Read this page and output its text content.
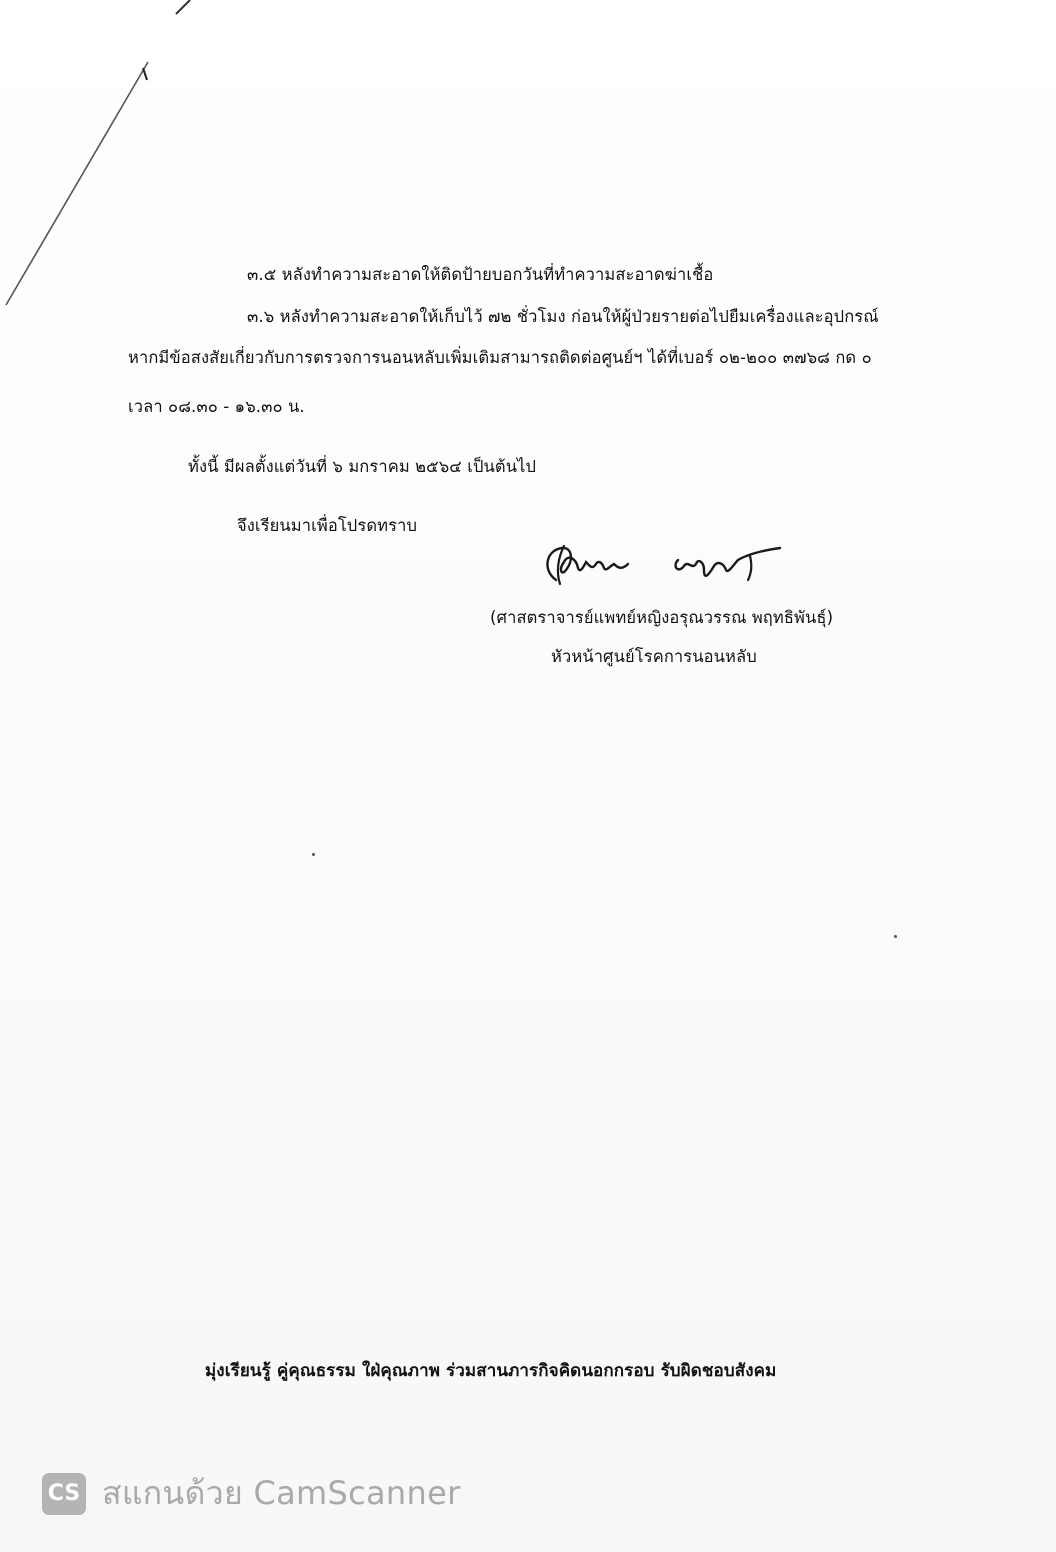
๓.๕ หลังทำความสะอาดให้ติดป้ายบอกวันที่ทำความสะอาดฆ่าเชื้อ
๓.๖ หลังทำความสะอาดให้เก็บไว้ ๗๒ ชั่วโมง ก่อนให้ผู้ป่วยรายต่อไปยืมเครื่องและอุปกรณ์
หากมีข้อสงสัยเกี่ยวกับการตรวจการนอนหลับเพิ่มเติมสามารถติดต่อศูนย์ฯ ได้ที่เบอร์ ๐๒-๒๐๐ ๓๗๖๘ กด ๐
เวลา ๐๘.๓๐ - ๑๖.๓๐ น.
ทั้งนี้ มีผลตั้งแต่วันที่ ๖ มกราคม ๒๕๖๔ เป็นต้นไป
จึงเรียนมาเพื่อโปรดทราบ
(ศาสตราจารย์แพทย์หญิงอรุณวรรณ พฤทธิพันธุ์)
หัวหน้าศูนย์โรคการนอนหลับ
มุ่งเรียนรู้ คู่คุณธรรม ใฝ่คุณภาพ ร่วมสานภารกิจคิดนอกกรอบ รับผิดชอบสังคม
CS สแกนด้วย CamScanner
